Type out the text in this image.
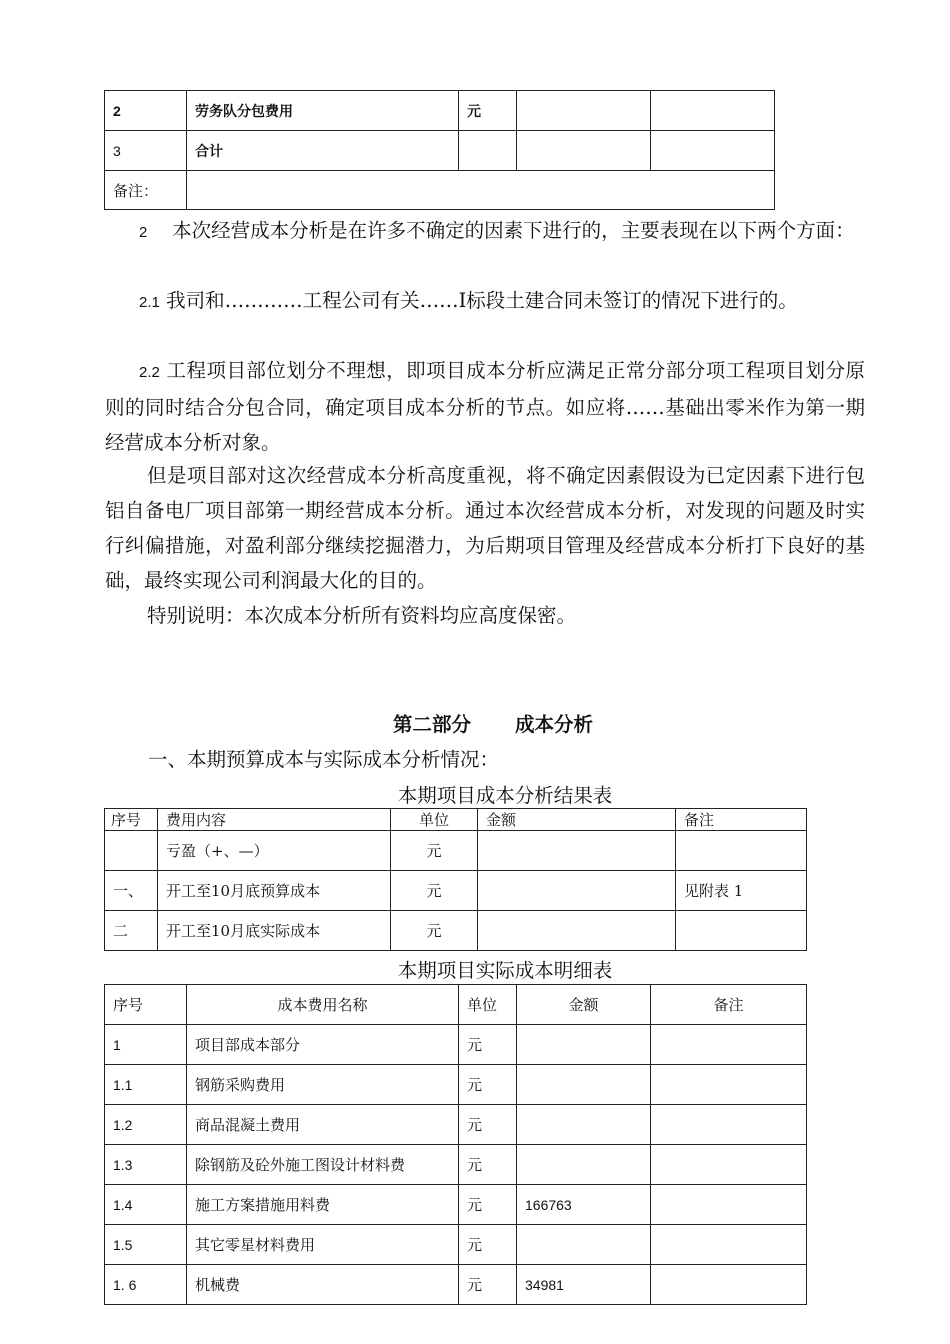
2	劳务队分包费用	元		
3	合计			
备注：				
2 本次经营成本分析是在许多不确定的因素下进行的，主要表现在以下两个方面：
2.1 我司和…………工程公司有关……Ⅰ标段土建合同未签订的情况下进行的。
2.2 工程项目部位划分不理想，即项目成本分析应满足正常分部分项工程项目划分原则的同时结合分包合同，确定项目成本分析的节点。如应将……基础出零米作为第一期经营成本分析对象。
但是项目部对这次经营成本分析高度重视，将不确定因素假设为已定因素下进行包铝自备电厂项目部第一期经营成本分析。通过本次经营成本分析，对发现的问题及时实行纠偏措施，对盈利部分继续挖掘潜力，为后期项目管理及经营成本分析打下良好的基础，最终实现公司利润最大化的目的。
特别说明：本次成本分析所有资料均应高度保密。
第二部分 成本分析
一、本期预算成本与实际成本分析情况：
本期项目成本分析结果表
序号	费用内容	单位	金额	备注
	亏盈（+、—）	元		
一、	开工至10月底预算成本	元		见附表 1
二	开工至10月底实际成本	元		
本期项目实际成本明细表
序号	成本费用名称	单位	金额	备注
1	项目部成本部分	元		
1.1	钢筋采购费用	元		
1.2	商品混凝土费用	元		
1.3	除钢筋及砼外施工图设计材料费	元		
1.4	施工方案措施用料费	元	166763	
1.5	其它零星材料费用	元		
1. 6	机械费	元	34981	
